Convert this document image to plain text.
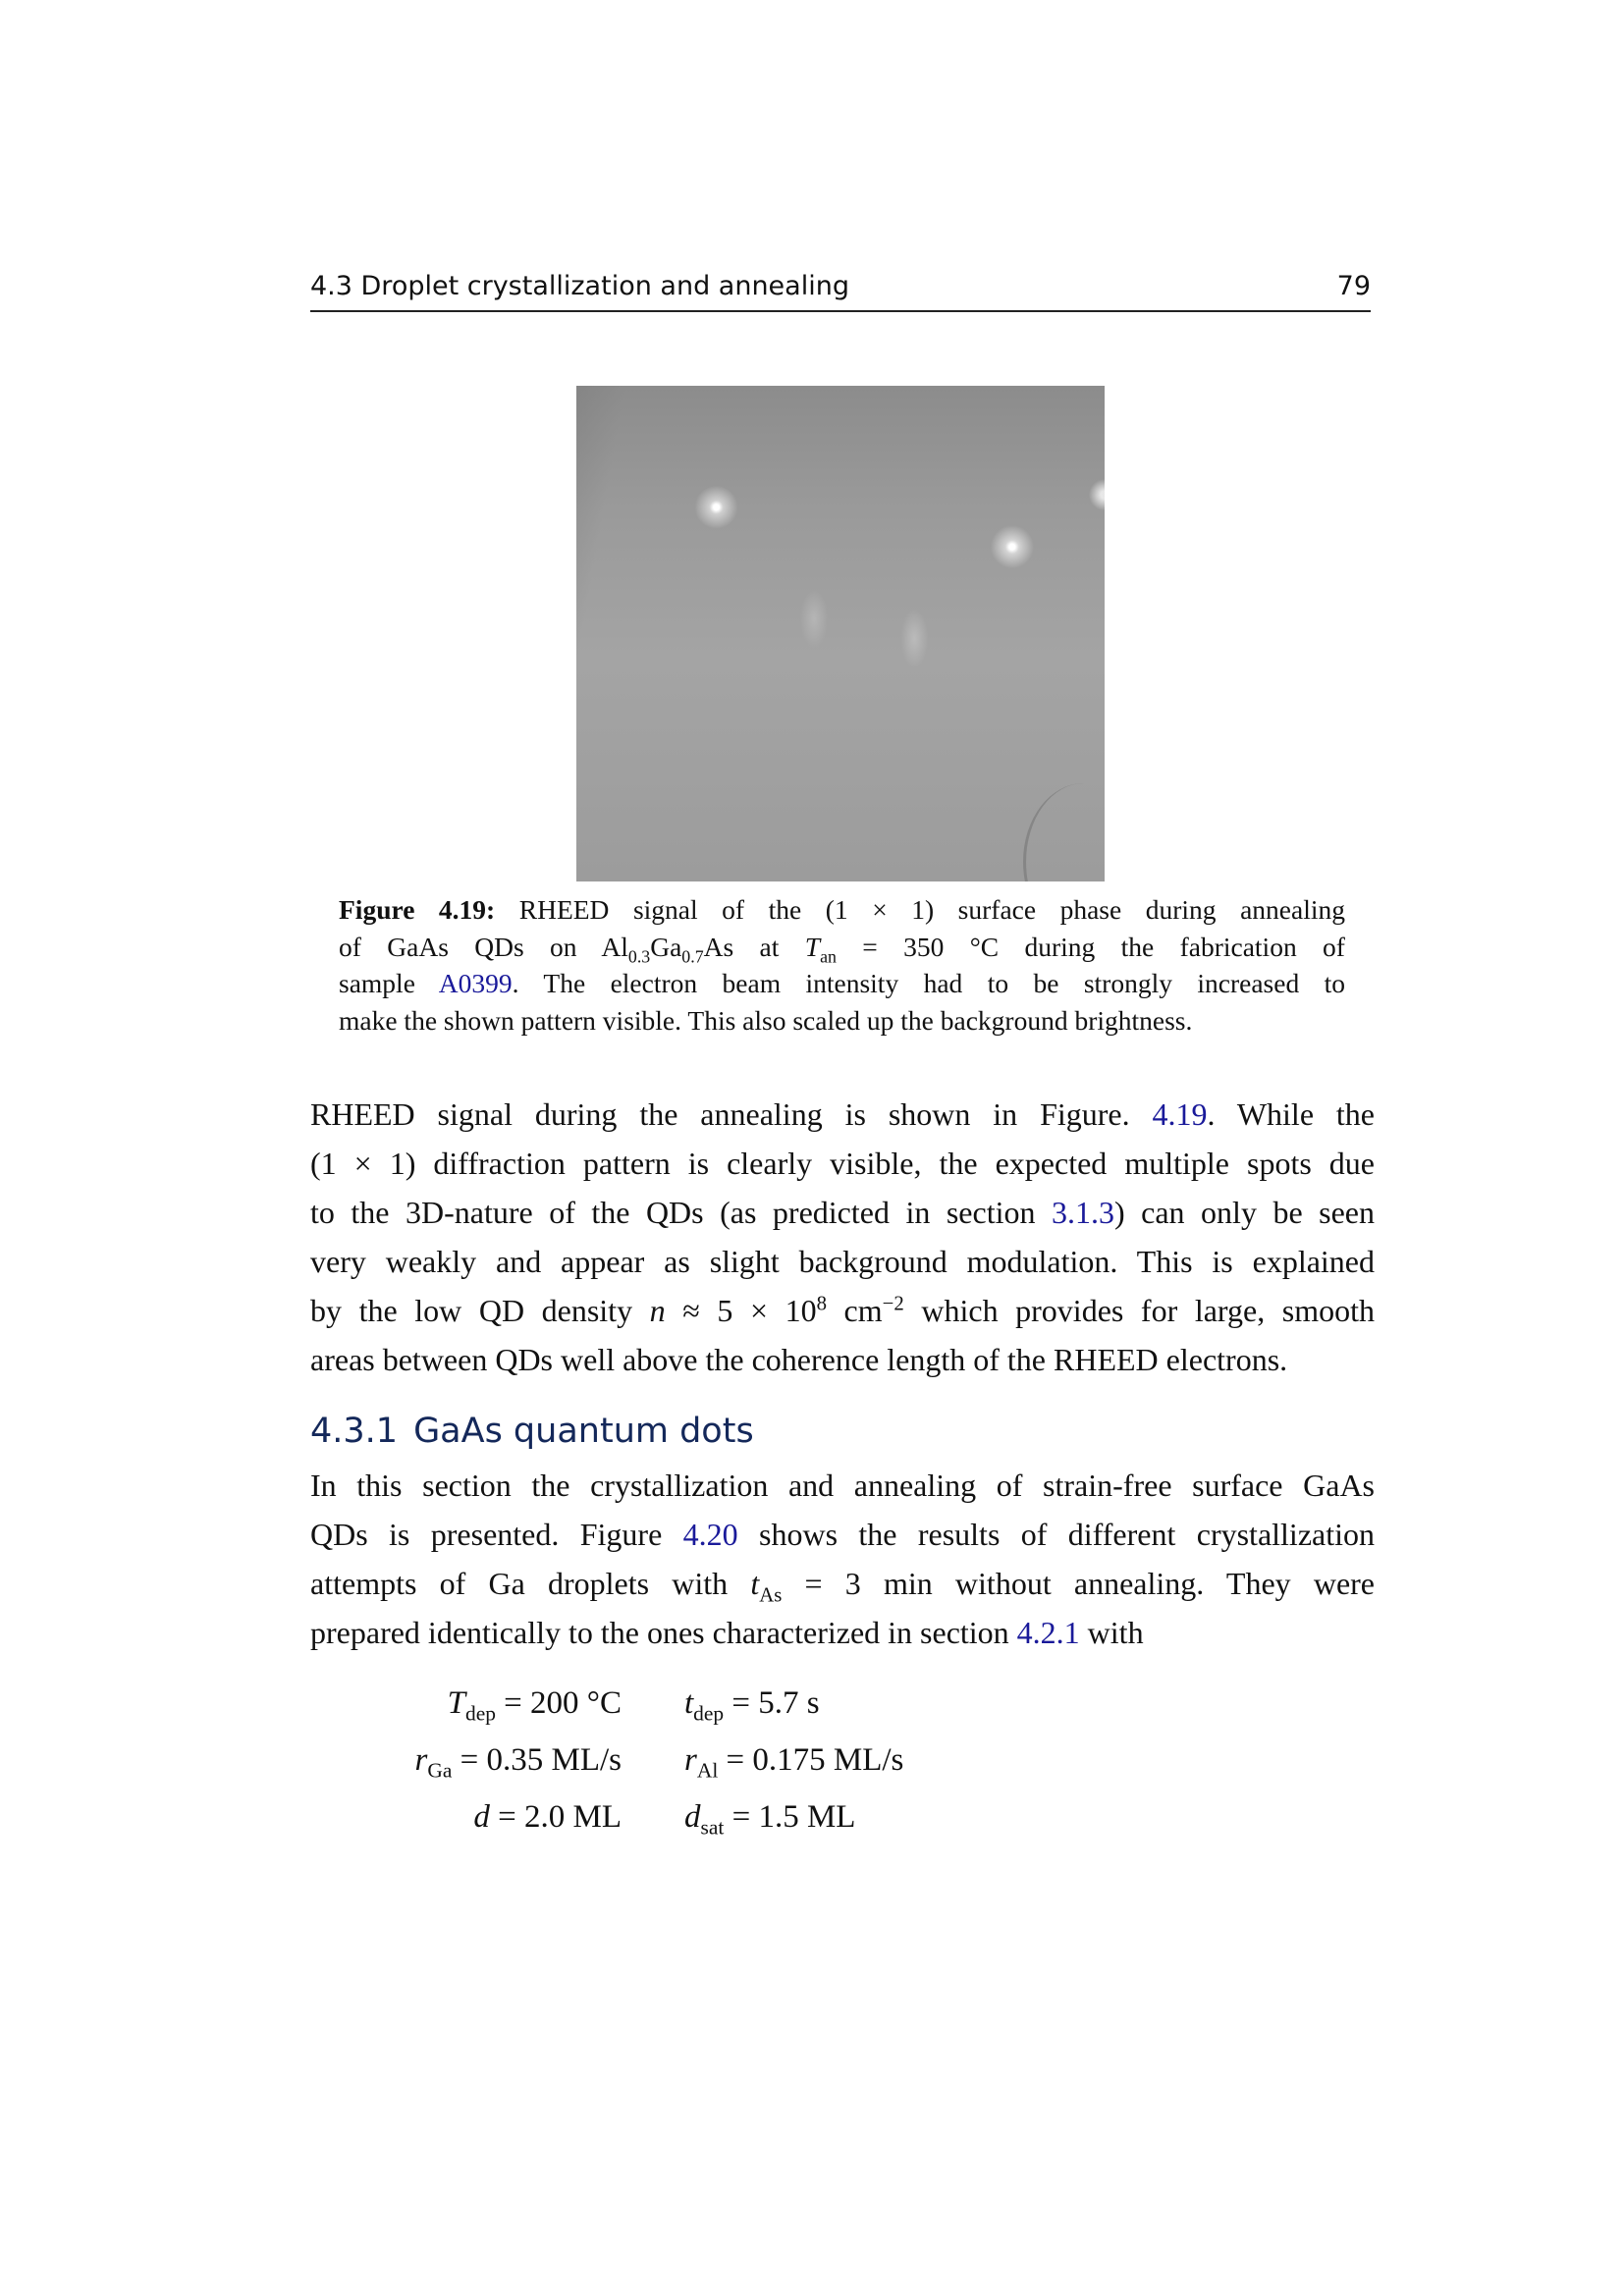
4.3 Droplet crystallization and annealing	79
Figure 4.19: RHEED signal of the (1 × 1) surface phase during annealing
of GaAs QDs on $Al_{0.3}Ga_{0.7}As$ at $T_{an} = 350$ °C during the fabrication of
sample A0399. The electron beam intensity had to be strongly increased to
make the shown pattern visible. This also scaled up the background brightness.
RHEED signal during the annealing is shown in Figure. 4.19. While the
(1 × 1) diffraction pattern is clearly visible, the expected multiple spots due
to the 3D-nature of the QDs (as predicted in section 3.1.3) can only be seen
very weakly and appear as slight background modulation. This is explained
by the low QD density $n \approx 5 \times 10^8$ $cm^{-2}$ which provides for large, smooth
areas between QDs well above the coherence length of the RHEED electrons.
4.3.1 GaAs quantum dots
In this section the crystallization and annealing of strain-free surface GaAs
QDs is presented. Figure 4.20 shows the results of different crystallization
attempts of Ga droplets with $t_{As} = 3$ min without annealing. They were
prepared identically to the ones characterized in section 4.2.1 with
$T_{dep} = 200$ °C $t_{dep} = 5.7$ s
$r_{Ga} = 0.35$ ML/s $r_{Al} = 0.175$ ML/s
d = 2.0 ML $d_{sat} = 1.5$ ML
